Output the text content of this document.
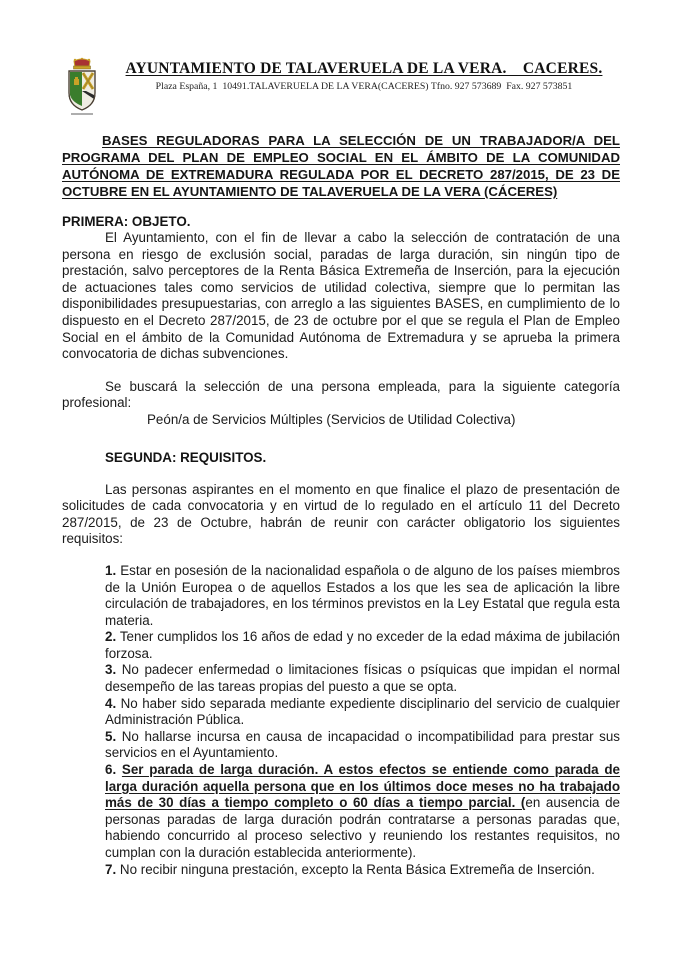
AYUNTAMIENTO DE TALAVERUELA DE LA VERA.    CACERES.
Plaza España, 1  10491.TALAVERUELA DE LA VERA(CACERES) Tfno. 927 573689  Fax. 927 573851
BASES REGULADORAS PARA LA SELECCIÓN DE UN TRABAJADOR/A DEL PROGRAMA DEL PLAN DE EMPLEO SOCIAL EN EL ÁMBITO DE LA COMUNIDAD AUTÓNOMA DE EXTREMADURA REGULADA POR EL DECRETO 287/2015, DE 23 DE OCTUBRE EN EL AYUNTAMIENTO DE TALAVERUELA DE LA VERA (CÁCERES)
PRIMERA: OBJETO.

El Ayuntamiento, con el fin de llevar a cabo la selección de contratación de una persona en riesgo de exclusión social, paradas de larga duración, sin ningún tipo de prestación, salvo perceptores de la Renta Básica Extremeña de Inserción, para la ejecución de actuaciones tales como servicios de utilidad colectiva, siempre que lo permitan las disponibilidades presupuestarias, con arreglo a las siguientes BASES, en cumplimiento de lo dispuesto en el Decreto 287/2015, de 23 de octubre por el que se regula el Plan de Empleo Social en el ámbito de la Comunidad Autónoma de Extremadura y se aprueba la primera convocatoria de dichas subvenciones.

Se buscará la selección de una persona empleada, para la siguiente categoría profesional:

Peón/a de Servicios Múltiples (Servicios de Utilidad Colectiva)

SEGUNDA: REQUISITOS.

Las personas aspirantes en el momento en que finalice el plazo de presentación de solicitudes de cada convocatoria y en virtud de lo regulado en el artículo 11 del Decreto 287/2015, de 23 de Octubre, habrán de reunir con carácter obligatorio los siguientes requisitos:

1. Estar en posesión de la nacionalidad española o de alguno de los países miembros de la Unión Europea o de aquellos Estados a los que les sea de aplicación la libre circulación de trabajadores, en los términos previstos en la Ley Estatal que regula esta materia.

2. Tener cumplidos los 16 años de edad y no exceder de la edad máxima de jubilación forzosa.

3. No padecer enfermedad o limitaciones físicas o psíquicas que impidan el normal desempeño de las tareas propias del puesto a que se opta.

4. No haber sido separada mediante expediente disciplinario del servicio de cualquier Administración Pública.

5. No hallarse incursa en causa de incapacidad o incompatibilidad para prestar sus servicios en el Ayuntamiento.

6. Ser parada de larga duración. A estos efectos se entiende como parada de larga duración aquella persona que en los últimos doce meses no ha trabajado más de 30 días a tiempo completo o 60 días a tiempo parcial. (en ausencia de personas paradas de larga duración podrán contratarse a personas paradas que, habiendo concurrido al proceso selectivo y reuniendo los restantes requisitos, no cumplan con la duración establecida anteriormente).

7. No recibir ninguna prestación, excepto la Renta Básica Extremeña de Inserción.
